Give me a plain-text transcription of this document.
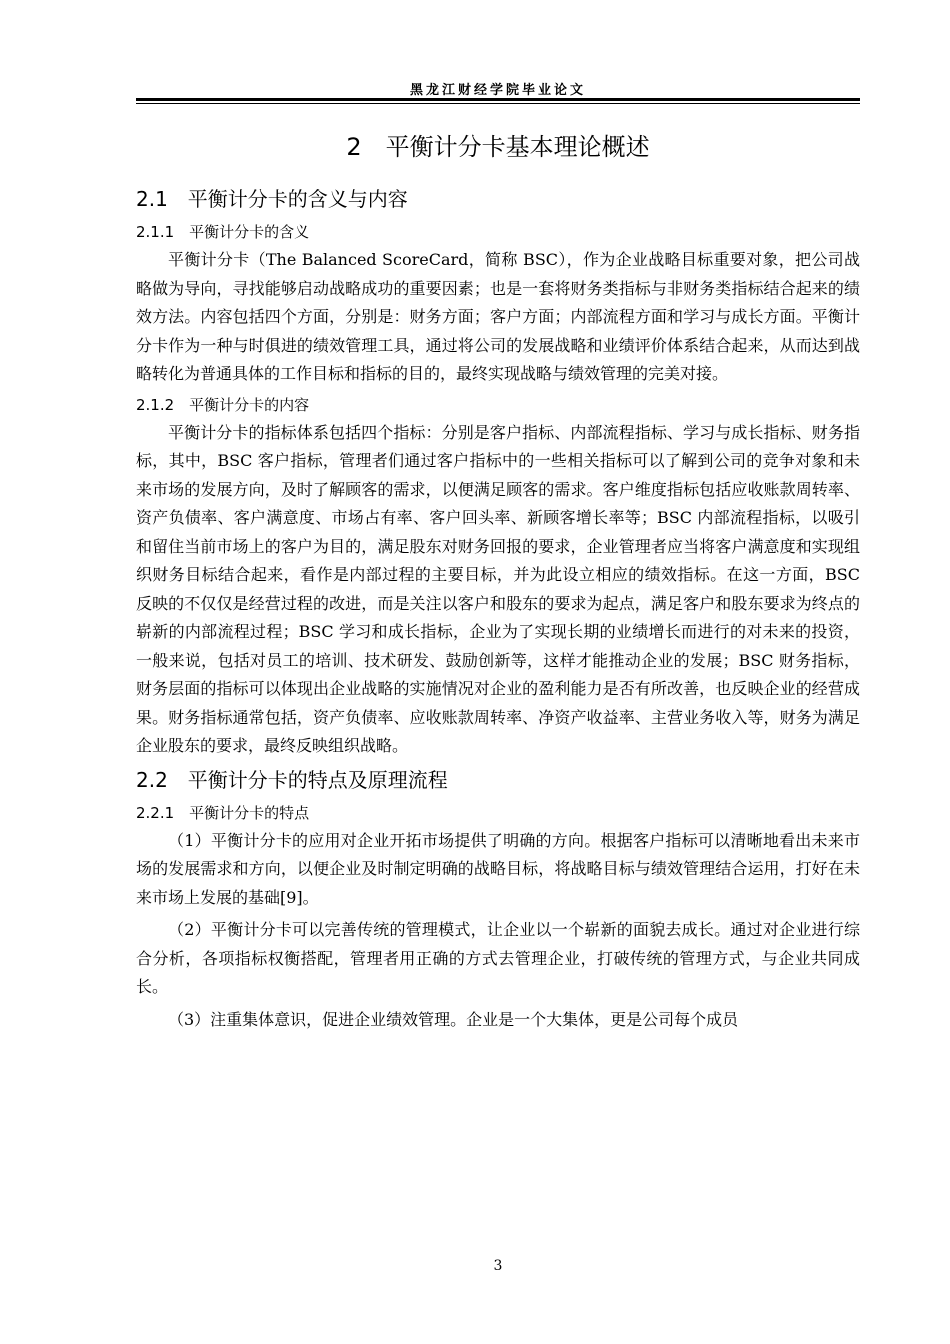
黑龙江财经学院毕业论文
2　平衡计分卡基本理论概述
2.1　平衡计分卡的含义与内容
2.1.1　平衡计分卡的含义

平衡计分卡（The Balanced ScoreCard，简称 BSC），作为企业战略目标重要对象，把公司战略做为导向，寻找能够启动战略成功的重要因素；也是一套将财务类指标与非财务类指标结合起来的绩效方法。内容包括四个方面，分别是：财务方面；客户方面；内部流程方面和学习与成长方面。平衡计分卡作为一种与时俱进的绩效管理工具，通过将公司的发展战略和业绩评价体系结合起来，从而达到战略转化为普通具体的工作目标和指标的目的，最终实现战略与绩效管理的完美对接。

2.1.2　平衡计分卡的内容

平衡计分卡的指标体系包括四个指标：分别是客户指标、内部流程指标、学习与成长指标、财务指标，其中，BSC 客户指标，管理者们通过客户指标中的一些相关指标可以了解到公司的竞争对象和未来市场的发展方向，及时了解顾客的需求，以便满足顾客的需求。客户维度指标包括应收账款周转率、资产负债率、客户满意度、市场占有率、客户回头率、新顾客增长率等；BSC 内部流程指标，以吸引和留住当前市场上的客户为目的，满足股东对财务回报的要求，企业管理者应当将客户满意度和实现组织财务目标结合起来，看作是内部过程的主要目标，并为此设立相应的绩效指标。在这一方面，BSC 反映的不仅仅是经营过程的改进，而是关注以客户和股东的要求为起点，满足客户和股东要求为终点的崭新的内部流程过程；BSC 学习和成长指标，企业为了实现长期的业绩增长而进行的对未来的投资，一般来说，包括对员工的培训、技术研发、鼓励创新等，这样才能推动企业的发展；BSC 财务指标，财务层面的指标可以体现出企业战略的实施情况对企业的盈利能力是否有所改善，也反映企业的经营成果。财务指标通常包括，资产负债率、应收账款周转率、净资产收益率、主营业务收入等，财务为满足企业股东的要求，最终反映组织战略。

2.2　平衡计分卡的特点及原理流程
2.2.1　平衡计分卡的特点

（1）平衡计分卡的应用对企业开拓市场提供了明确的方向。根据客户指标可以清晰地看出未来市场的发展需求和方向，以便企业及时制定明确的战略目标，将战略目标与绩效管理结合运用，打好在未来市场上发展的基础[9]。

（2）平衡计分卡可以完善传统的管理模式，让企业以一个崭新的面貌去成长。通过对企业进行综合分析，各项指标权衡搭配，管理者用正确的方式去管理企业，打破传统的管理方式，与企业共同成长。

（3）注重集体意识，促进企业绩效管理。企业是一个大集体，更是公司每个成员

3
